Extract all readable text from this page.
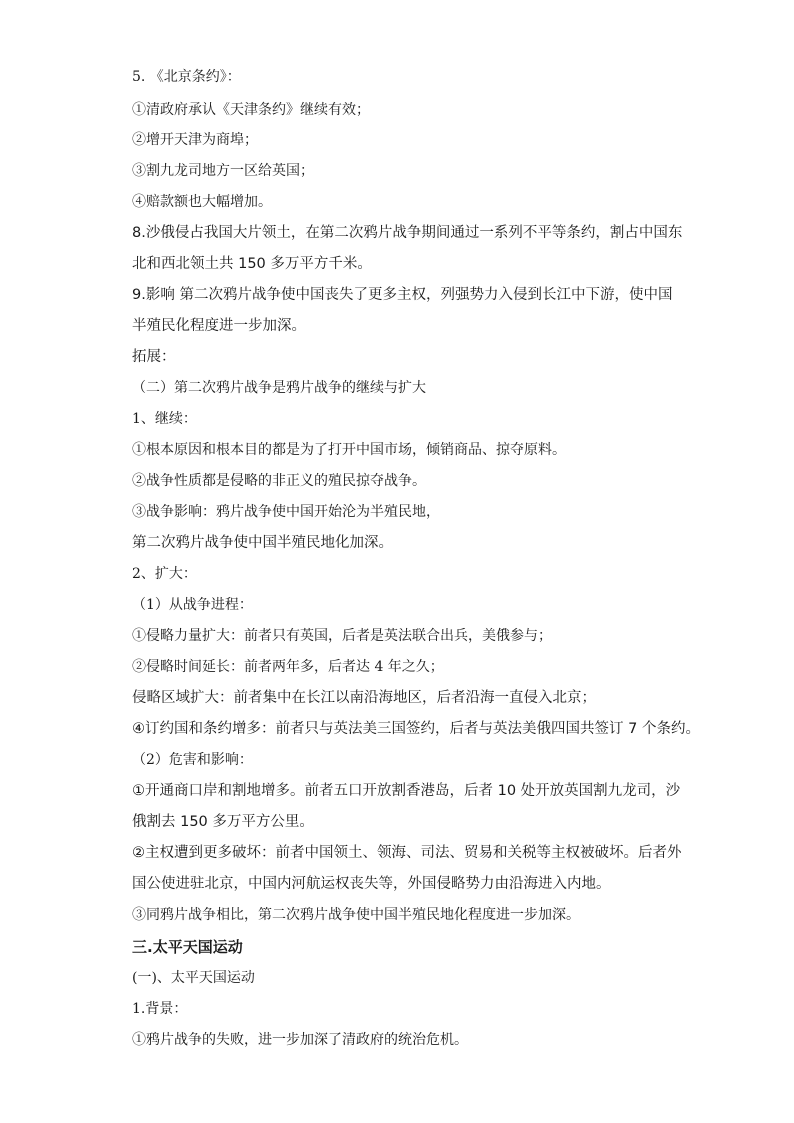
5. 《北京条约》：
①清政府承认《天津条约》继续有效；
②增开天津为商埠；
③割九龙司地方一区给英国；
④赔款额也大幅增加。
8.沙俄侵占我国大片领土，在第二次鸦片战争期间通过一系列不平等条约，割占中国东
北和西北领土共 150 多万平方千米。
9.影响 第二次鸦片战争使中国丧失了更多主权，列强势力入侵到长江中下游，使中国
半殖民化程度进一步加深。
拓展：
（二）第二次鸦片战争是鸦片战争的继续与扩大
1、继续：
①根本原因和根本目的都是为了打开中国市场，倾销商品、掠夺原料。
②战争性质都是侵略的非正义的殖民掠夺战争。
③战争影响：鸦片战争使中国开始沦为半殖民地，
第二次鸦片战争使中国半殖民地化加深。
2、扩大：
（1）从战争进程：
①侵略力量扩大：前者只有英国，后者是英法联合出兵，美俄参与；
②侵略时间延长：前者两年多，后者达 4 年之久；
侵略区域扩大：前者集中在长江以南沿海地区，后者沿海一直侵入北京；
④订约国和条约增多：前者只与英法美三国签约，后者与英法美俄四国共签订 7 个条约。
（2）危害和影响：
①开通商口岸和割地增多。前者五口开放割香港岛，后者 10 处开放英国割九龙司，沙
俄割去 150 多万平方公里。
②主权遭到更多破坏：前者中国领土、领海、司法、贸易和关税等主权被破坏。后者外
国公使进驻北京，中国内河航运权丧失等，外国侵略势力由沿海进入内地。
③同鸦片战争相比，第二次鸦片战争使中国半殖民地化程度进一步加深。
三.太平天国运动
(一)、太平天国运动
1.背景：
①鸦片战争的失败，进一步加深了清政府的统治危机。
